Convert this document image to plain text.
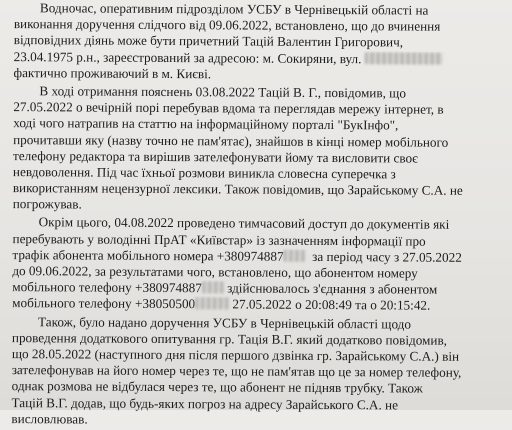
Водночас, оперативним підрозділом УСБУ в Чернівецькій області на
виконання доручення слідчого від 09.06.2022, встановлено, що до вчинення
відповідних діянь може бути причетний Тацій Валентин Григорович,
23.04.1975 р.н., зареєстрований за адресою: м. Сокиряни, вул.
фактично проживаючий в м. Києві.
В ході отримання пояснень 03.08.2022 Тацій В. Г., повідомив, що
27.05.2022 о вечірній порі перебував вдома та переглядав мережу інтернет, в
ході чого натрапив на статтю на інформаційному порталі "БукІнфо",
прочитавши яку (назву точно не пам'ятає), знайшов в кінці номер мобільного
телефону редактора та вирішив зателефонувати йому та висловити своє
невдоволення. Під час їхньої розмови виникла словесна суперечка з
використанням нецензурної лексики. Також повідомив, що Зарайському С.А. не
погрожував.
Окрім цього, 04.08.2022 проведено тимчасовий доступ до документів які
перебувають у володінні ПрАТ «Київстар» із зазначенням інформації про
трафік абонента мобільного номера +380974887 за період часу з 27.05.2022
до 09.06.2022, за результатами чого, встановлено, що абонентом номеру
мобільного телефону +380974887 здійснювалось з'єднання з абонентом
мобільного телефону +38050500	27.05.2022 о 20:08:49 та о 20:15:42.
Також, було надано доручення УСБУ в Чернівецькій області щодо
проведення додаткового опитування гр. Тація В.Г. який додатково повідомив,
що 28.05.2022 (наступного дня після першого дзвінка гр. Зарайському С.А.) він
зателефонував на його номер через те, що не пам'ятав що це за номер телефону,
однак розмова не відбулася через те, що абонент не підняв трубку. Також
Тацій В.Г. додав, що будь-яких погроз на адресу Зарайського С.А. не
висловлював.
